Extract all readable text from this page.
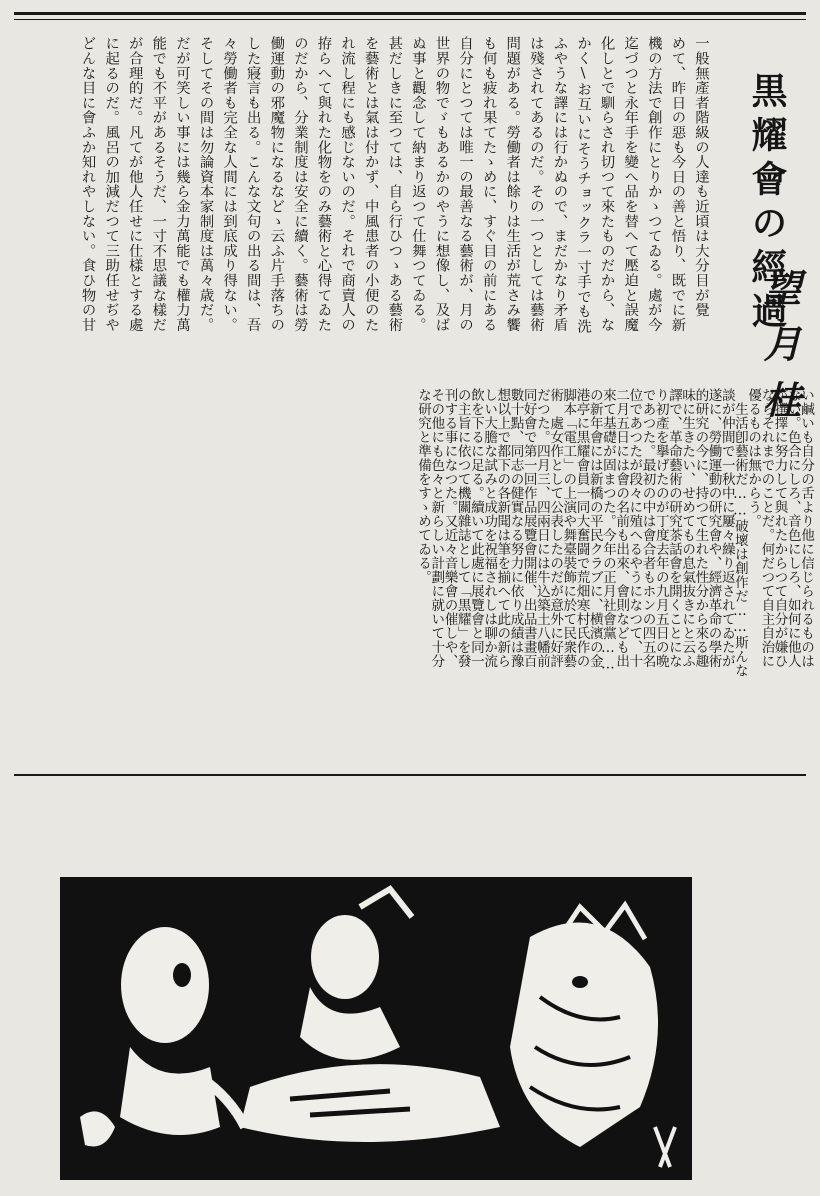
黒耀會の經過
望月桂
一般無產者階級の人達も近頃は大分目が覺
めて、昨日の惡も今日の善と悟り、既でに新
機の方法で創作にとりかゝつてゐる。處が今
迄づつと永年手を變へ品を替へて壓迫と誤魔
化しとで馴らされ切つて來たものだから、な
かく\お互いにそうチョックラ一寸手でも洗
ふやうな譯には行かぬので、まだかなり矛盾
は殘されてあるのだ。その一つとしては藝術
問題がある。勞働者は餘りは生活が荒さみ饗
も何も疲れ果てたゝめに、すぐ目の前にある
自分にとつては唯一の最善なる藝術が、月の
世界の物でゞもあるかのやうに想像し、及ば
ぬ事と觀念して納まり返つて仕舞つてゐる。
甚だしきに至つては、自ら行ひつゝある藝術
を藝術とは氣は付かず、中風患者の小便のた
れ流し程にも感じないのだ。それで商賣人の
拵らへて與れた化物をのみ藝術と心得てゐた
のだから、分業制度は安全に續く。藝術は勞
働運動の邪魔物になるなどゝ云ふ片手落ちの
した寢言も出る。こんな文句の出る間は、吾
々勞働者も完全な人間には到底成り得ない。
そしてその間は勿論資本家制度は萬々歳だ。
だが可笑しい事には幾ら金力萬能でも權力萬
能でも不平があるそうだ、一寸不思議な樣だ
が合理的だ。凡てが他人任せに仕樣とする處
に起るのだ。風呂の加減だつて三助任せぢや
どんな目に會ふか知れやしない。食ひ物の甘
い鹹いも自分の舌より他に信じられるものは
ない。色合にしろ、音色にしろ、如何に他人
が撰擇に努力して與れたからつて自分が嫌ひ
ならそれまでのことだ。何だつて自主自治に
優るものは無からう。
　生活卽藝術だ……破壞は創作だ……斯んな
談が仲間で一秋中に屢々繰り返されてゐたが
遂に、勞働運動の研究會や、經濟革命の學術
的研究の今に、持つて生れた性分から來る趣
味に生きたい、せめてもの息氣抜きにと云ふ
譯で、革命藝術の研究茶話會を開くことにな
り初產を擧げたのが丁度去年の九月五日の晩
であつた。最初の中は會合者もホンの四五名
位であつたが段々に殖へるやうになつて、十
二月五日には會の名前も出來、會則なども出
來て基礎が固まつた。今年の正月社會黨……
の新年會には新橋の平民クラブに、横濱の金
港亭に黒耀會員一同大奮闘で荒畑寒村氏作の
脚本「電工」の上演や舞臺裝飾に於て民衆藝
術　處女作として公表したのだが意外に好評
だつた。四月三、四兩日には牛込築土八幡前
同好會で第一回作品展覽會開催、出品書畫百
數十點、同志の健實なる努力に依り成績は豫
想以上で都下の各新聞は筆を揃へて此の新ら
しい大膽な試みと成功を祝福されしは聊か流
飲を下るに足る。續いて此處に展覽會と同一
の主旨に依つて機關雜誌として「黒耀」を發
刊する事になつた。又近々音樂會の催しや、
その他にも色々と新らしい計劃に就いて十分
な研究と準備をすゝめてゐる。
